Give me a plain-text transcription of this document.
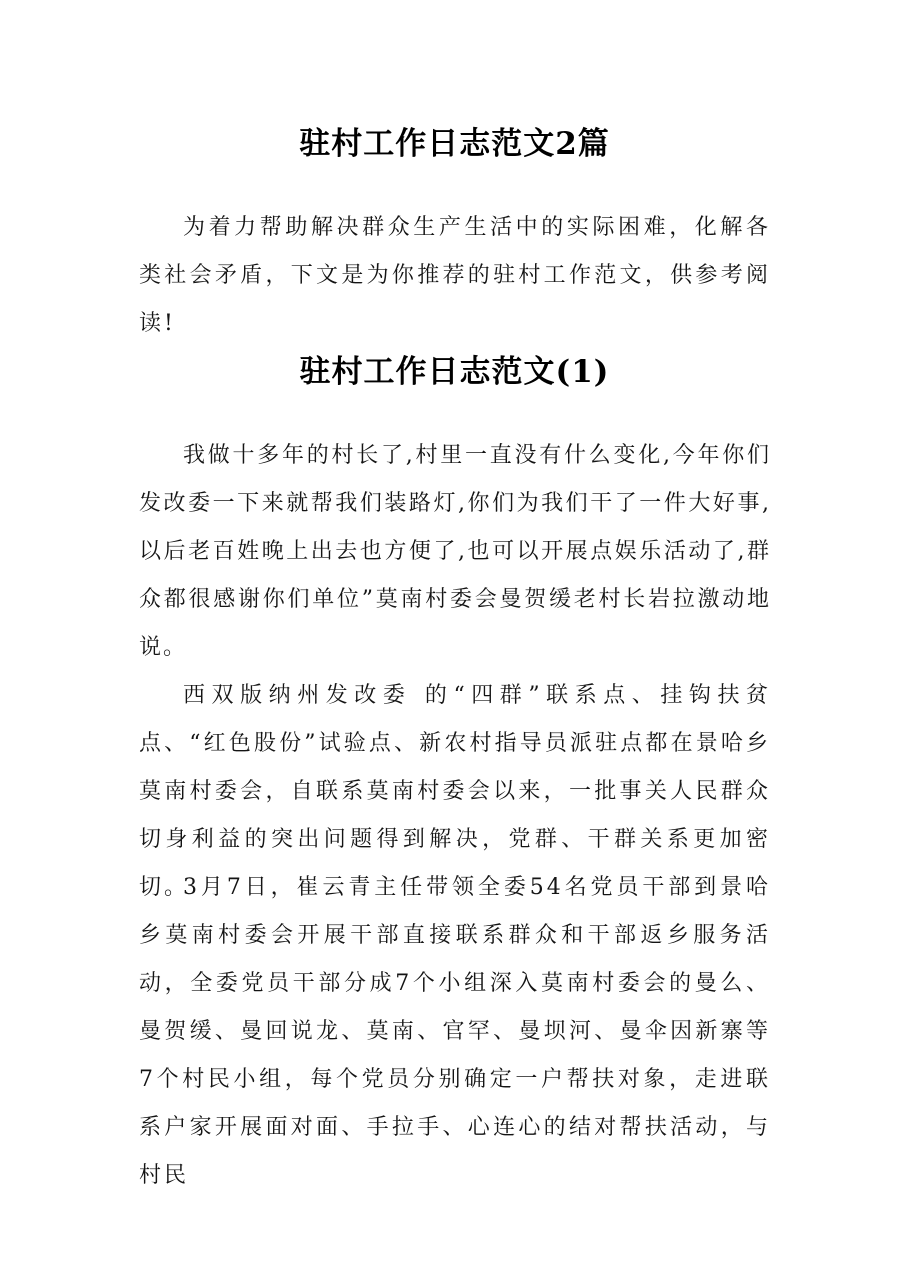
驻村工作日志范文2篇

为着力帮助解决群众生产生活中的实际困难，化解各类社会矛盾，下文是为你推荐的驻村工作范文，供参考阅读!

驻村工作日志范文(1)

我做十多年的村长了,村里一直没有什么变化,今年你们发改委一下来就帮我们装路灯,你们为我们干了一件大好事,以后老百姓晚上出去也方便了,也可以开展点娱乐活动了,群众都很感谢你们单位”莫南村委会曼贺缓老村长岩拉激动地说。

西双版纳州发改委 的“四群”联系点、挂钩扶贫点、“红色股份”试验点、新农村指导员派驻点都在景哈乡莫南村委会，自联系莫南村委会以来，一批事关人民群众切身利益的突出问题得到解决，党群、干群关系更加密切。

3月7日，崔云青主任带领全委54名党员干部到景哈乡莫南村委会开展干部直接联系群众和干部返乡服务活动，全委党员干部分成7个小组深入莫南村委会的曼么、曼贺缓、曼回说龙、莫南、官罕、曼坝河、曼伞因新寨等7个村民小组，每个党员分别确定一户帮扶对象，走进联系户家开展面对面、手拉手、心连心的结对帮扶活动，与村民
